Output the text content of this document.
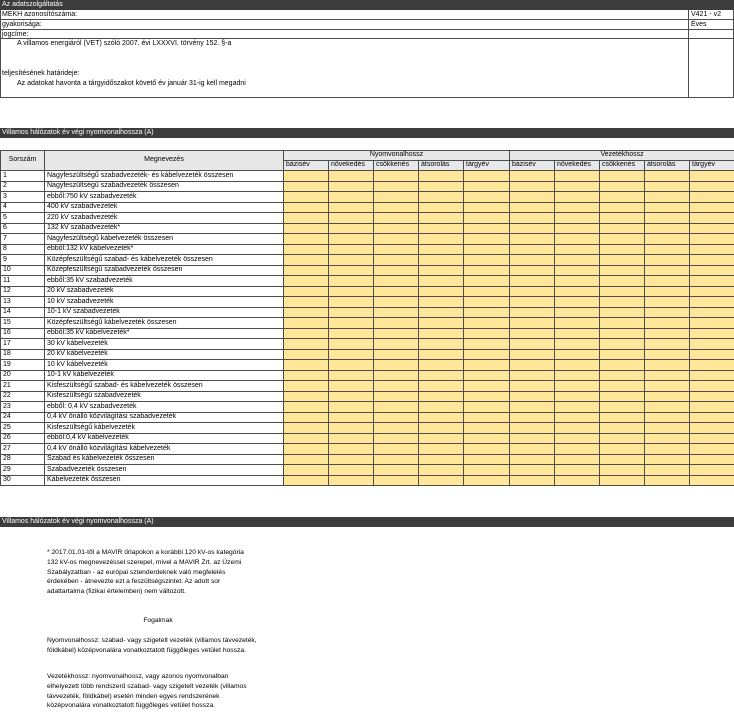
Az adatszolgáltatás
MEKH azonosítószáma:	V421 - v2
gyakorisága:	Éves
jogcíme:
A villamos energiáról (VET) szóló 2007. évi LXXXVI. törvény 152. §-a
teljesítésének határideje:
Az adatokat havonta a tárgyidőszakot követő év január 31-ig kell megadni
Villamos hálózatok év végi nyomvonalhossza (A)
Sorszám	Megnevezés	Nyomvonalhossz					Vezetékhossz				
		bázisév	növekedés	csökkenés	átsorolás	tárgyév	bázisév	növekedés	csökkenés	átsorolás	tárgyév
1	Nagyfeszültségű szabadvezeték- és kábelvezeték összesen										
2	Nagyfeszültségű szabadvezeték összesen										
3	ebből:750 kV szabadvezeték										
4	400 kV szabadvezeték										
5	220 kV szabadvezeték										
6	132 kV szabadvezeték*										
7	Nagyfeszültségű kábelvezeték összesen										
8	ebből:132 kV kábelvezeték*										
9	Középfeszültségű szabad- és kábelvezeték összesen										
10	Középfeszültségű szabadvezeték összesen										
11	ebből:35 kV szabadvezeték										
12	20 kV szabadvezeték										
13	10 kV szabadvezeték										
14	10-1 kV szabadvezeték										
15	Középfeszültségű kábelvezeték összesen										
16	ebből:35 kV kábelvezeték*										
17	30 kV kábelvezeték										
18	20 kV kábelvezeték										
19	10 kV kábelvezeték										
20	10-1 kV kábelvezeték										
21	Kisfeszültségű szabad- és kábelvezeték összesen										
22	Kisfeszültségű szabadvezeték										
23	ebből: 0,4 kV szabadvezeték										
24	0,4 kV önálló közvilágítási szabadvezeték										
25	Kisfeszültségű kábelvezeték										
26	ebből:0,4 kV kábelvezeték										
27	0,4 kV önálló közvilágítási kábelvezeték										
28	Szabad és kábelvezeték összesen										
29	Szabadvezeték összesen										
30	Kábelvezeték összesen										
Villamos hálózatok év végi nyomvonalhossza (A)
* 2017.01.01-től a MAVIR űrlapokon a korábbi 120 kV-os kategória
132 kV-os megnevezéssel szerepel, mivel a MAVIR Zrt. az Üzemi
Szabályzatban - az európai sztenderdeknek való megfelelés
érdekében - átnevezte ezt a feszültségszintet. Az adott sor
adattartalma (fizikai értelemben) nem változott.
Fogalmak
Nyomvonalhossz: szabad- vagy szigetelt vezeték (villamos távvezeték,
földkábel) középvonalára vonatkoztatott függőleges vetület hossza.
Vezetékhossz: nyomvonalhossz, vagy azonos nyomvonalban
elhelyezett több rendszerű szabad- vagy szigetelt vezeték (villamos
távvezeték, földkábel) esetén minden egyes rendszerének
középvonalára vonatkoztatott függőleges vetület hossza.
